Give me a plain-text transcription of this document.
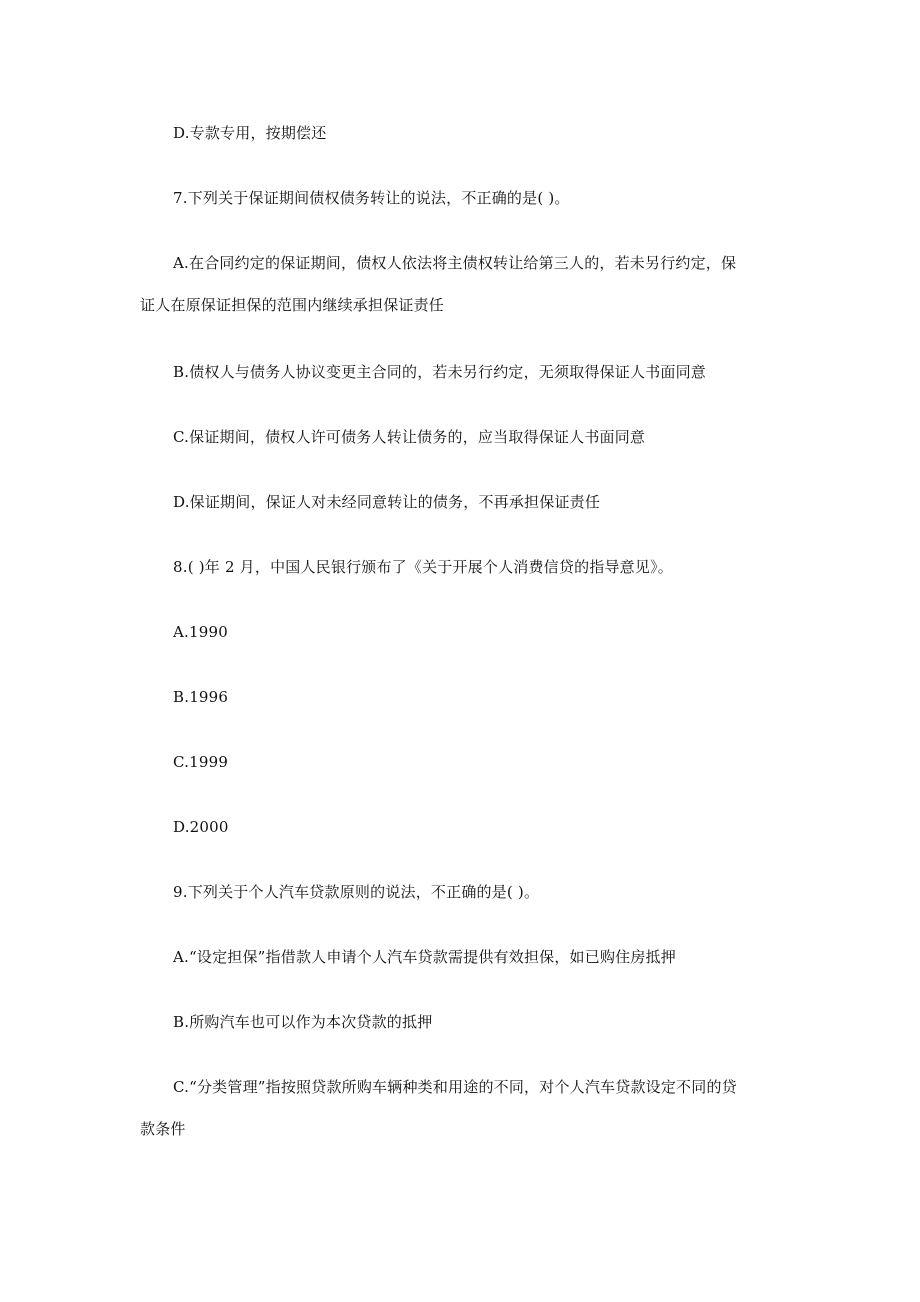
D.专款专用，按期偿还
7.下列关于保证期间债权债务转让的说法，不正确的是( )。
A.在合同约定的保证期间，债权人依法将主债权转让给第三人的，若未另行约定，保
证人在原保证担保的范围内继续承担保证责任
B.债权人与债务人协议变更主合同的，若未另行约定，无须取得保证人书面同意
C.保证期间，债权人许可债务人转让债务的，应当取得保证人书面同意
D.保证期间，保证人对未经同意转让的债务，不再承担保证责任
8.( )年 2 月，中国人民银行颁布了《关于开展个人消费信贷的指导意见》。
A.1990
B.1996
C.1999
D.2000
9.下列关于个人汽车贷款原则的说法，不正确的是( )。
A.“设定担保”指借款人申请个人汽车贷款需提供有效担保，如已购住房抵押
B.所购汽车也可以作为本次贷款的抵押
C.“分类管理”指按照贷款所购车辆种类和用途的不同，对个人汽车贷款设定不同的贷
款条件
